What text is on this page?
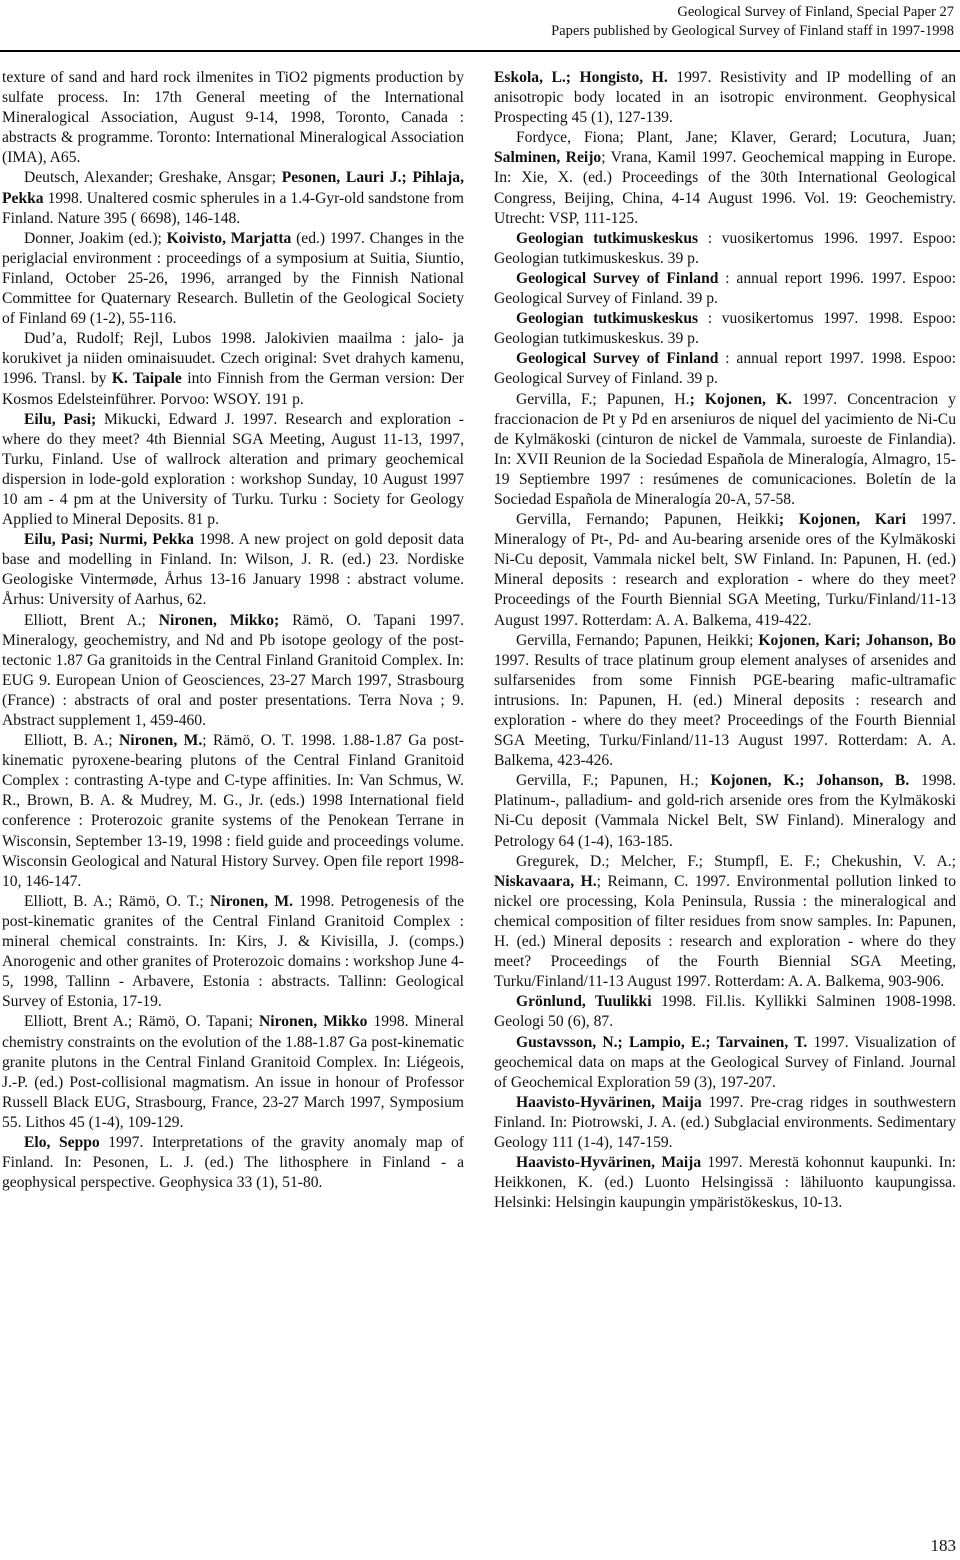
Geological Survey of Finland, Special Paper 27
Papers published by Geological Survey of Finland staff in 1997-1998

texture of sand and hard rock ilmenites in TiO2 pigments production by sulfate process. In: 17th General meeting of the International Mineralogical Association, August 9-14, 1998, Toronto, Canada : abstracts & programme. Toronto: International Mineralogical Association (IMA), A65.

Deutsch, Alexander; Greshake, Ansgar; Pesonen, Lauri J.; Pihlaja, Pekka 1998. Unaltered cosmic spherules in a 1.4-Gyr-old sandstone from Finland. Nature 395 ( 6698), 146-148.

Donner, Joakim (ed.); Koivisto, Marjatta (ed.) 1997. Changes in the periglacial environment : proceedings of a symposium at Suitia, Siuntio, Finland, October 25-26, 1996, arranged by the Finnish National Committee for Quaternary Research. Bulletin of the Geological Society of Finland 69 (1-2), 55-116.

Dud’a, Rudolf; Rejl, Lubos 1998. Jalokivien maailma : jalo- ja korukivet ja niiden ominaisuudet. Czech original: Svet drahych kamenu, 1996. Transl. by K. Taipale into Finnish from the German version: Der Kosmos Edelsteinführer. Porvoo: WSOY. 191 p.

Eilu, Pasi; Mikucki, Edward J. 1997. Research and exploration - where do they meet? 4th Biennial SGA Meeting, August 11-13, 1997, Turku, Finland. Use of wallrock alteration and primary geochemical dispersion in lode-gold exploration : workshop Sunday, 10 August 1997 10 am - 4 pm at the University of Turku. Turku : Society for Geology Applied to Mineral Deposits. 81 p.

Eilu, Pasi; Nurmi, Pekka 1998. A new project on gold deposit data base and modelling in Finland. In: Wilson, J. R. (ed.) 23. Nordiske Geologiske Vintermøde, Århus 13-16 January 1998 : abstract volume. Århus: University of Aarhus, 62.

Elliott, Brent A.; Nironen, Mikko; Rämö, O. Tapani 1997. Mineralogy, geochemistry, and Nd and Pb isotope geology of the post-tectonic 1.87 Ga granitoids in the Central Finland Granitoid Complex. In: EUG 9. European Union of Geosciences, 23-27 March 1997, Strasbourg (France) : abstracts of oral and poster presentations. Terra Nova ; 9. Abstract supplement 1, 459-460.

Elliott, B. A.; Nironen, M.; Rämö, O. T. 1998. 1.88-1.87 Ga post-kinematic pyroxene-bearing plutons of the Central Finland Granitoid Complex : contrasting A-type and C-type affinities. In: Van Schmus, W. R., Brown, B. A. & Mudrey, M. G., Jr. (eds.) 1998 International field conference : Proterozoic granite systems of the Penokean Terrane in Wisconsin, September 13-19, 1998 : field guide and proceedings volume. Wisconsin Geological and Natural History Survey. Open file report 1998-10, 146-147.

Elliott, B. A.; Rämö, O. T.; Nironen, M. 1998. Petrogenesis of the post-kinematic granites of the Central Finland Granitoid Complex : mineral chemical constraints. In: Kirs, J. & Kivisilla, J. (comps.) Anorogenic and other granites of Proterozoic domains : workshop June 4-5, 1998, Tallinn - Arbavere, Estonia : abstracts. Tallinn: Geological Survey of Estonia, 17-19.

Elliott, Brent A.; Rämö, O. Tapani; Nironen, Mikko 1998. Mineral chemistry constraints on the evolution of the 1.88-1.87 Ga post-kinematic granite plutons in the Central Finland Granitoid Complex. In: Liégeois, J.-P. (ed.) Post-collisional magmatism. An issue in honour of Professor Russell Black EUG, Strasbourg, France, 23-27 March 1997, Symposium 55. Lithos 45 (1-4), 109-129.

Elo, Seppo 1997. Interpretations of the gravity anomaly map of Finland. In: Pesonen, L. J. (ed.) The lithosphere in Finland - a geophysical perspective. Geophysica 33 (1), 51-80.

Eskola, L.; Hongisto, H. 1997. Resistivity and IP modelling of an anisotropic body located in an isotropic environment. Geophysical Prospecting 45 (1), 127-139.

Fordyce, Fiona; Plant, Jane; Klaver, Gerard; Locutura, Juan; Salminen, Reijo; Vrana, Kamil 1997. Geochemical mapping in Europe. In: Xie, X. (ed.) Proceedings of the 30th International Geological Congress, Beijing, China, 4-14 August 1996. Vol. 19: Geochemistry. Utrecht: VSP, 111-125.

Geologian tutkimuskeskus : vuosikertomus 1996. 1997. Espoo: Geologian tutkimuskeskus. 39 p.

Geological Survey of Finland : annual report 1996. 1997. Espoo: Geological Survey of Finland. 39 p.

Geologian tutkimuskeskus : vuosikertomus 1997. 1998. Espoo: Geologian tutkimuskeskus. 39 p.

Geological Survey of Finland : annual report 1997. 1998. Espoo: Geological Survey of Finland. 39 p.

Gervilla, F.; Papunen, H.; Kojonen, K. 1997. Concentracion y fraccionacion de Pt y Pd en arseniuros de niquel del yacimiento de Ni-Cu de Kylmäkoski (cinturon de nickel de Vammala, suroeste de Finlandia). In: XVII Reunion de la Sociedad Española de Mineralogía, Almagro, 15-19 Septiembre 1997 : resúmenes de comunicaciones. Boletín de la Sociedad Española de Mineralogía 20-A, 57-58.

Gervilla, Fernando; Papunen, Heikki; Kojonen, Kari 1997. Mineralogy of Pt-, Pd- and Au-bearing arsenide ores of the Kylmäkoski Ni-Cu deposit, Vammala nickel belt, SW Finland. In: Papunen, H. (ed.) Mineral deposits : research and exploration - where do they meet? Proceedings of the Fourth Biennial SGA Meeting, Turku/Finland/11-13 August 1997. Rotterdam: A. A. Balkema, 419-422.

Gervilla, Fernando; Papunen, Heikki; Kojonen, Kari; Johanson, Bo 1997. Results of trace platinum group element analyses of arsenides and sulfarsenides from some Finnish PGE-bearing mafic-ultramafic intrusions. In: Papunen, H. (ed.) Mineral deposits : research and exploration - where do they meet? Proceedings of the Fourth Biennial SGA Meeting, Turku/Finland/11-13 August 1997. Rotterdam: A. A. Balkema, 423-426.

Gervilla, F.; Papunen, H.; Kojonen, K.; Johanson, B. 1998. Platinum-, palladium- and gold-rich arsenide ores from the Kylmäkoski Ni-Cu deposit (Vammala Nickel Belt, SW Finland). Mineralogy and Petrology 64 (1-4), 163-185.

Gregurek, D.; Melcher, F.; Stumpfl, E. F.; Chekushin, V. A.; Niskavaara, H.; Reimann, C. 1997. Environmental pollution linked to nickel ore processing, Kola Peninsula, Russia : the mineralogical and chemical composition of filter residues from snow samples. In: Papunen, H. (ed.) Mineral deposits : research and exploration - where do they meet? Proceedings of the Fourth Biennial SGA Meeting, Turku/Finland/11-13 August 1997. Rotterdam: A. A. Balkema, 903-906.

Grönlund, Tuulikki 1998. Fil.lis. Kyllikki Salminen 1908-1998. Geologi 50 (6), 87.

Gustavsson, N.; Lampio, E.; Tarvainen, T. 1997. Visualization of geochemical data on maps at the Geological Survey of Finland. Journal of Geochemical Exploration 59 (3), 197-207.

Haavisto-Hyvärinen, Maija 1997. Pre-crag ridges in southwestern Finland. In: Piotrowski, J. A. (ed.) Subglacial environments. Sedimentary Geology 111 (1-4), 147-159.

Haavisto-Hyvärinen, Maija 1997. Merestä kohonnut kaupunki. In: Heikkonen, K. (ed.) Luonto Helsingissä : lähiluonto kaupungissa. Helsinki: Helsingin kaupungin ympäristökeskus, 10-13.

183
